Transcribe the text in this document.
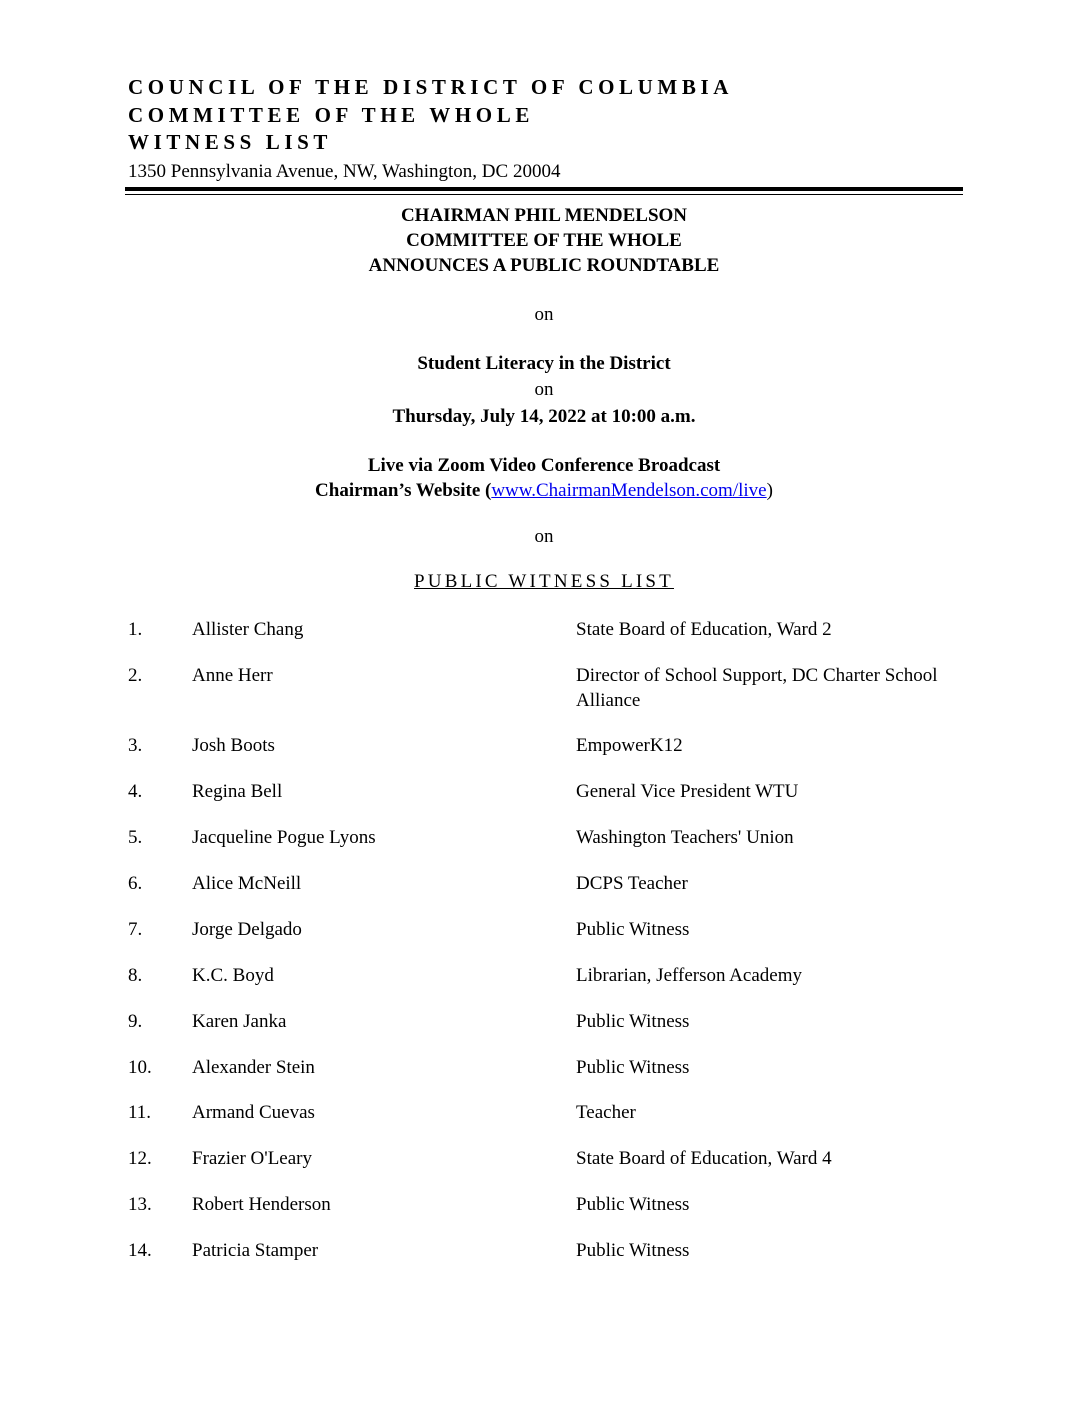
COUNCIL OF THE DISTRICT OF COLUMBIA
COMMITTEE OF THE WHOLE
WITNESS LIST
1350 Pennsylvania Avenue, NW, Washington, DC 20004
CHAIRMAN PHIL MENDELSON
COMMITTEE OF THE WHOLE
ANNOUNCES A PUBLIC ROUNDTABLE
on
Student Literacy in the District
on
Thursday, July 14, 2022 at 10:00 a.m.
Live via Zoom Video Conference Broadcast
Chairman’s Website (www.ChairmanMendelson.com/live)
on
PUBLIC WITNESS LIST
1.	Allister Chang	State Board of Education, Ward 2
2.	Anne Herr	Director of School Support, DC Charter School Alliance
3.	Josh Boots	EmpowerK12
4.	Regina Bell	General Vice President WTU
5.	Jacqueline Pogue Lyons	Washington Teachers' Union
6.	Alice McNeill	DCPS Teacher
7.	Jorge Delgado	Public Witness
8.	K.C. Boyd	Librarian, Jefferson Academy
9.	Karen Janka	Public Witness
10. Alexander Stein	Public Witness
11. Armand Cuevas	Teacher
12. Frazier O'Leary	State Board of Education, Ward 4
13. Robert Henderson	Public Witness
14. Patricia Stamper	Public Witness
